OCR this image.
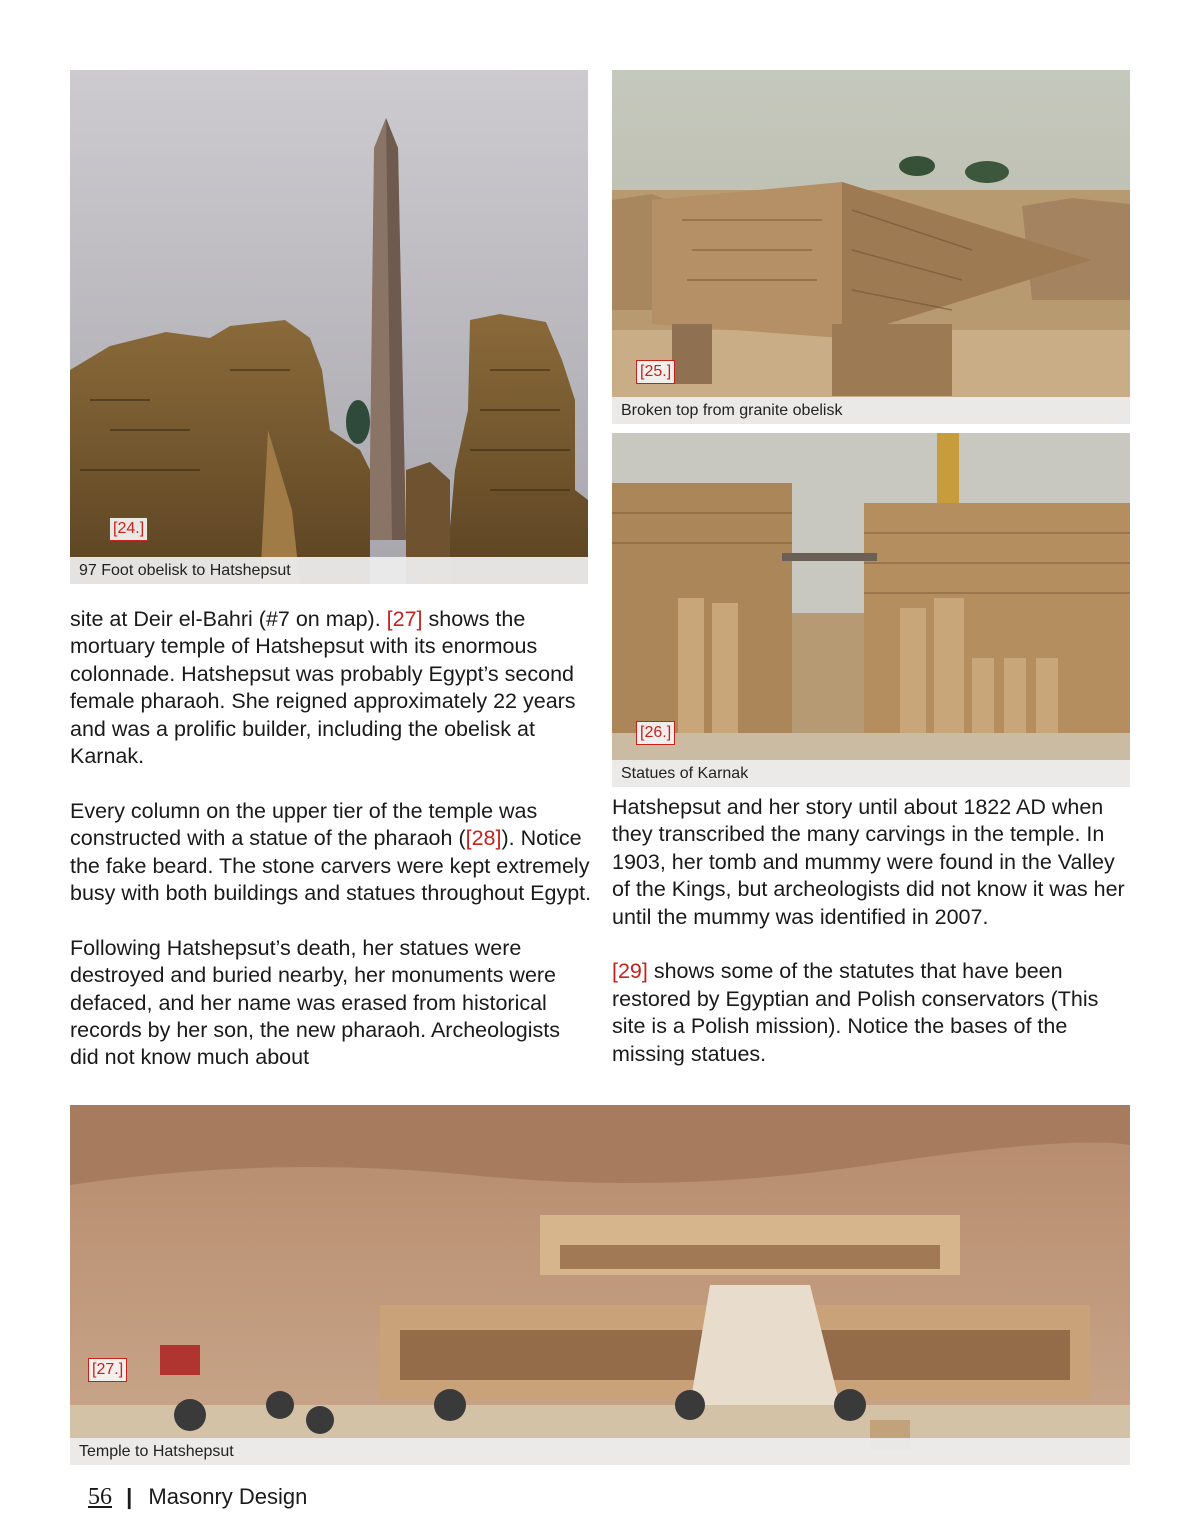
[24.]
97 Foot obelisk to Hatshepsut
[25.]
Broken top from granite obelisk
[26.]
Statues of Karnak

site at Deir el-Bahri (#7 on map). [27] shows the mortuary temple of Hatshepsut with its enormous colonnade. Hatshepsut was probably Egypt’s second female pharaoh. She reigned approximately 22 years and was a prolific builder, including the obelisk at Karnak.

Every column on the upper tier of the temple was constructed with a statue of the pharaoh ([28]). Notice the fake beard. The stone carvers were kept extremely busy with both buildings and statues throughout Egypt.

Following Hatshepsut’s death, her statues were destroyed and buried nearby, her monuments were defaced, and her name was erased from historical records by her son, the new pharaoh. Archeologists did not know much about

Hatshepsut and her story until about 1822 AD when they transcribed the many carvings in the temple. In 1903, her tomb and mummy were found in the Valley of the Kings, but archeologists did not know it was her until the mummy was identified in 2007.

[29] shows some of the statutes that have been restored by Egyptian and Polish conservators (This site is a Polish mission). Notice the bases of the missing statues.

[27.]
Temple to Hatshepsut
56 | Masonry Design
